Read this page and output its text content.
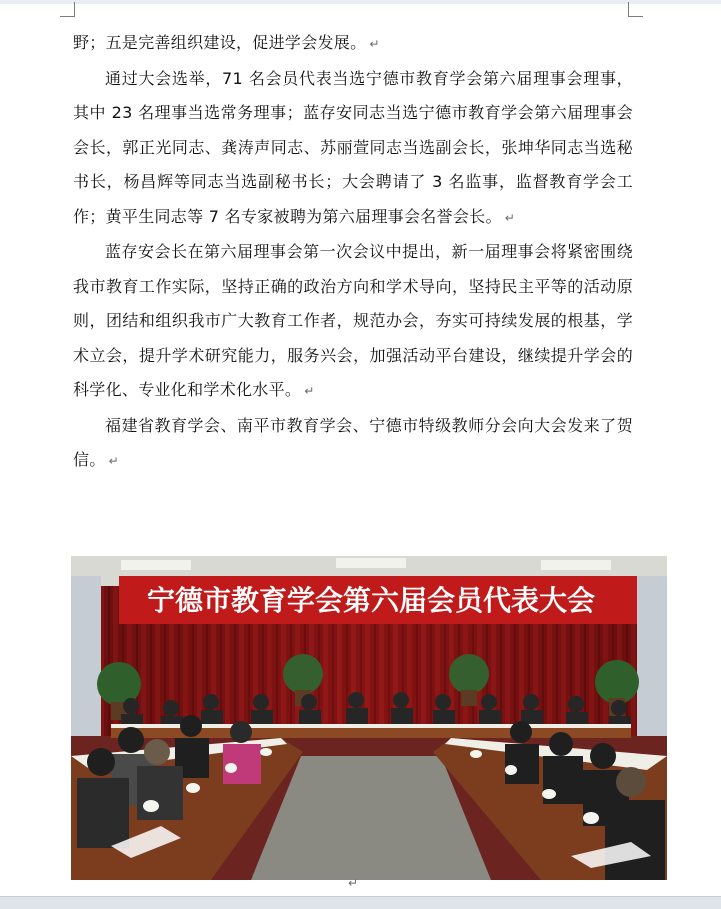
野；五是完善组织建设，促进学会发展。 ↵

通过大会选举，71 名会员代表当选宁德市教育学会第六届理事会理事，其中 23 名理事当选常务理事；蓝存安同志当选宁德市教育学会第六届理事会会长，郭正光同志、龚涛声同志、苏丽萱同志当选副会长，张坤华同志当选秘书长，杨昌辉等同志当选副秘书长；大会聘请了 3 名监事，监督教育学会工作；黄平生同志等 7 名专家被聘为第六届理事会名誉会长。 ↵

蓝存安会长在第六届理事会第一次会议中提出，新一届理事会将紧密围绕我市教育工作实际，坚持正确的政治方向和学术导向，坚持民主平等的活动原则，团结和组织我市广大教育工作者，规范办会，夯实可持续发展的根基，学术立会，提升学术研究能力，服务兴会，加强活动平台建设，继续提升学会的科学化、专业化和学术化水平。 ↵

福建省教育学会、南平市教育学会、宁德市特级教师分会向大会发来了贺信。 ↵

宁德市教育学会第六届会员代表大会
↵
